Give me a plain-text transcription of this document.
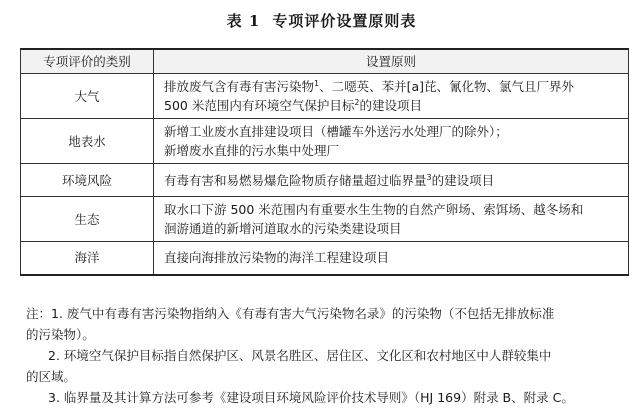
表 1 专项评价设置原则表
专项评价的类别	设置原则
大气	排放废气含有毒有害污染物$^1$、二噁英、苯并[a]芘、氰化物、氯气且厂界外
500 米范围内有环境空气保护目标$^2$的建设项目

地表水	新增工业废水直排建设项目（槽罐车外送污水处理厂的除外）；
新增废水直排的污水集中处理厂

环境风险	有毒有害和易燃易爆危险物质存储量超过临界量$^3$的建设项目

生态	取水口下游 500 米范围内有重要水生生物的自然产卵场、索饵场、越冬场和
洄游通道的新增河道取水的污染类建设项目

海洋	直接向海排放污染物的海洋工程建设项目

注：1. 废气中有毒有害污染物指纳入《有毒有害大气污染物名录》的污染物（不包括无排放标准

的污染物）。

2. 环境空气保护目标指自然保护区、风景名胜区、居住区、文化区和农村地区中人群较集中

的区域。

3. 临界量及其计算方法可参考《建设项目环境风险评价技术导则》（HJ 169）附录 B、附录 C。
